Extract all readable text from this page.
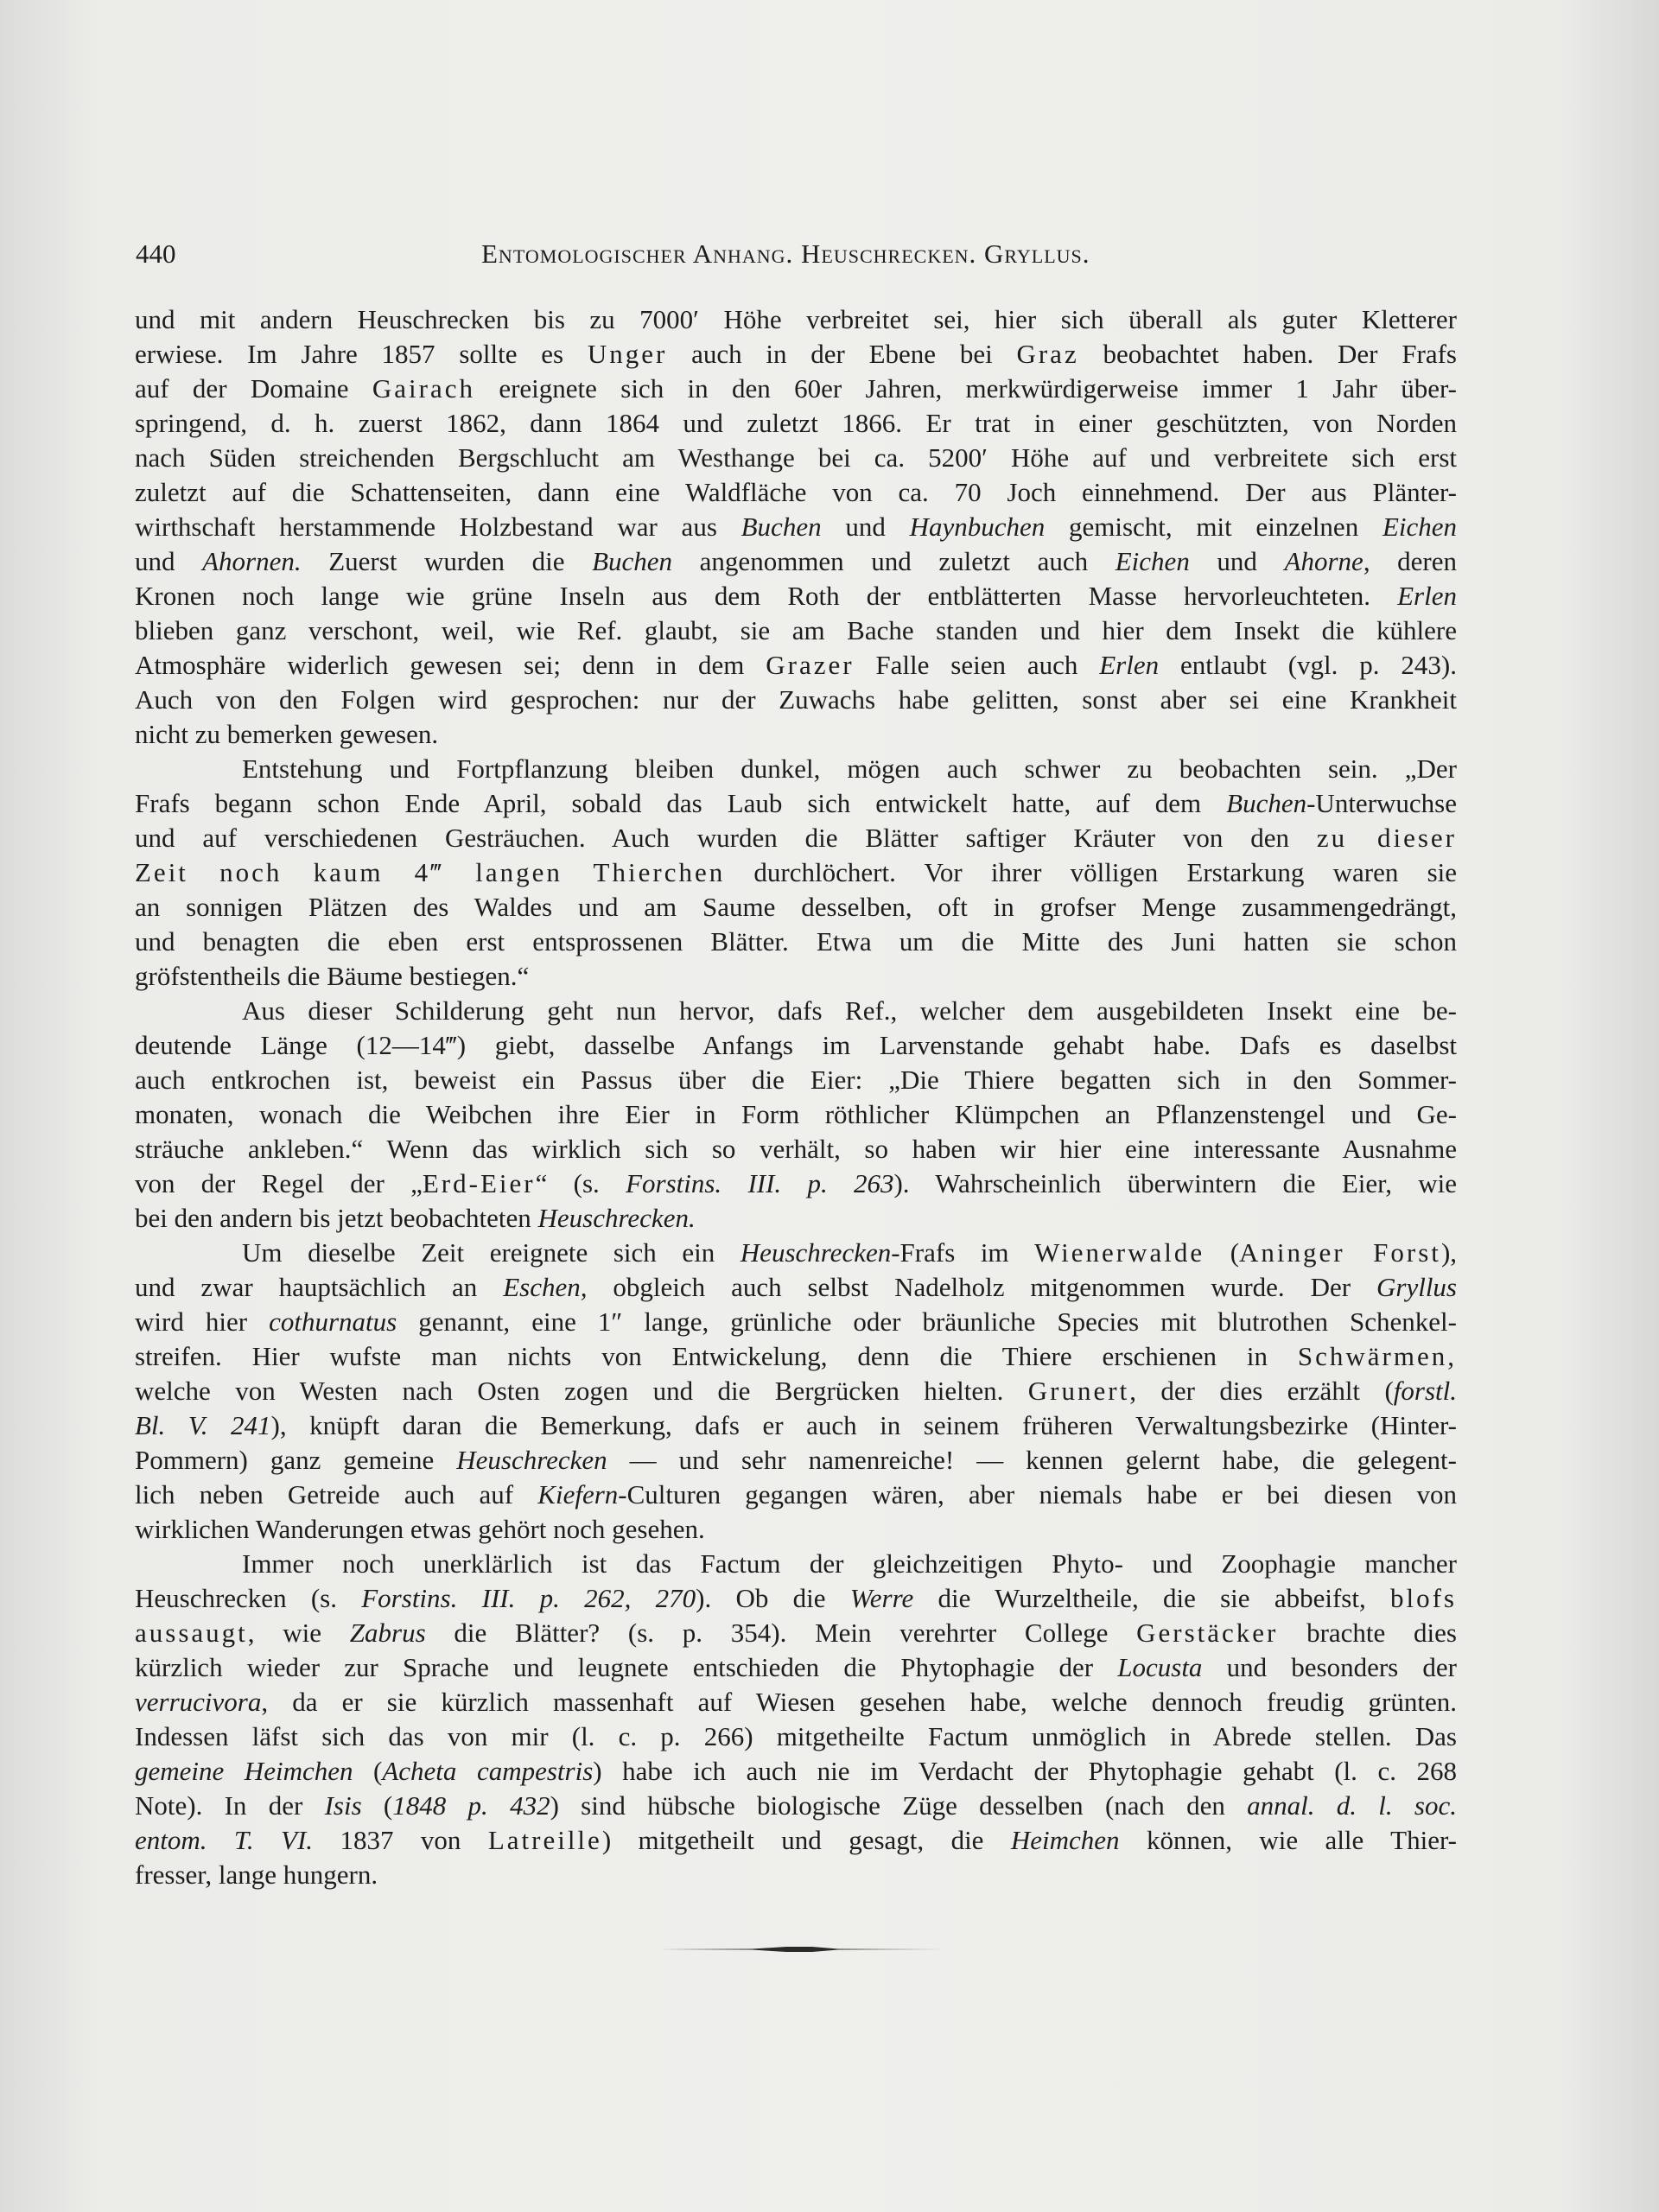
440	Entomologischer Anhang. Heuschrecken. Gryllus.
und mit andern Heuschrecken bis zu 7000′ Höhe verbreitet sei, hier sich überall als guter Kletterer
erwiese. Im Jahre 1857 sollte es Unger auch in der Ebene bei Graz beobachtet haben. Der Frafs
auf der Domaine Gairach ereignete sich in den 60er Jahren, merkwürdigerweise immer 1 Jahr über-
springend, d. h. zuerst 1862, dann 1864 und zuletzt 1866. Er trat in einer geschützten, von Norden
nach Süden streichenden Bergschlucht am Westhange bei ca. 5200′ Höhe auf und verbreitete sich erst
zuletzt auf die Schattenseiten, dann eine Waldfläche von ca. 70 Joch einnehmend. Der aus Plänter-
wirthschaft herstammende Holzbestand war aus Buchen und Haynbuchen gemischt, mit einzelnen Eichen
und Ahornen. Zuerst wurden die Buchen angenommen und zuletzt auch Eichen und Ahorne, deren
Kronen noch lange wie grüne Inseln aus dem Roth der entblätterten Masse hervorleuchteten. Erlen
blieben ganz verschont, weil, wie Ref. glaubt, sie am Bache standen und hier dem Insekt die kühlere
Atmosphäre widerlich gewesen sei; denn in dem Grazer Falle seien auch Erlen entlaubt (vgl. p. 243).
Auch von den Folgen wird gesprochen: nur der Zuwachs habe gelitten, sonst aber sei eine Krankheit
nicht zu bemerken gewesen.
Entstehung und Fortpflanzung bleiben dunkel, mögen auch schwer zu beobachten sein. „Der
Frafs begann schon Ende April, sobald das Laub sich entwickelt hatte, auf dem Buchen-Unterwuchse
und auf verschiedenen Gesträuchen. Auch wurden die Blätter saftiger Kräuter von den zu dieser
Zeit noch kaum 4‴ langen Thierchen durchlöchert. Vor ihrer völligen Erstarkung waren sie
an sonnigen Plätzen des Waldes und am Saume desselben, oft in grofser Menge zusammengedrängt,
und benagten die eben erst entsprossenen Blätter. Etwa um die Mitte des Juni hatten sie schon
gröfstentheils die Bäume bestiegen.“
Aus dieser Schilderung geht nun hervor, dafs Ref., welcher dem ausgebildeten Insekt eine be-
deutende Länge (12—14‴) giebt, dasselbe Anfangs im Larvenstande gehabt habe. Dafs es daselbst
auch entkrochen ist, beweist ein Passus über die Eier: „Die Thiere begatten sich in den Sommer-
monaten, wonach die Weibchen ihre Eier in Form röthlicher Klümpchen an Pflanzenstengel und Ge-
sträuche ankleben.“ Wenn das wirklich sich so verhält, so haben wir hier eine interessante Ausnahme
von der Regel der „Erd-Eier“ (s. Forstins. III. p. 263). Wahrscheinlich überwintern die Eier, wie
bei den andern bis jetzt beobachteten Heuschrecken.
Um dieselbe Zeit ereignete sich ein Heuschrecken-Frafs im Wienerwalde (Aninger Forst),
und zwar hauptsächlich an Eschen, obgleich auch selbst Nadelholz mitgenommen wurde. Der Gryllus
wird hier cothurnatus genannt, eine 1″ lange, grünliche oder bräunliche Species mit blutrothen Schenkel-
streifen. Hier wufste man nichts von Entwickelung, denn die Thiere erschienen in Schwärmen,
welche von Westen nach Osten zogen und die Bergrücken hielten. Grunert, der dies erzählt (forstl.
Bl. V. 241), knüpft daran die Bemerkung, dafs er auch in seinem früheren Verwaltungsbezirke (Hinter-
Pommern) ganz gemeine Heuschrecken — und sehr namenreiche! — kennen gelernt habe, die gelegent-
lich neben Getreide auch auf Kiefern-Culturen gegangen wären, aber niemals habe er bei diesen von
wirklichen Wanderungen etwas gehört noch gesehen.
Immer noch unerklärlich ist das Factum der gleichzeitigen Phyto- und Zoophagie mancher
Heuschrecken (s. Forstins. III. p. 262, 270). Ob die Werre die Wurzeltheile, die sie abbeifst, blofs
aussaugt, wie Zabrus die Blätter? (s. p. 354). Mein verehrter College Gerstäcker brachte dies
kürzlich wieder zur Sprache und leugnete entschieden die Phytophagie der Locusta und besonders der
verrucivora, da er sie kürzlich massenhaft auf Wiesen gesehen habe, welche dennoch freudig grünten.
Indessen läfst sich das von mir (l. c. p. 266) mitgetheilte Factum unmöglich in Abrede stellen. Das
gemeine Heimchen (Acheta campestris) habe ich auch nie im Verdacht der Phytophagie gehabt (l. c. 268
Note). In der Isis (1848 p. 432) sind hübsche biologische Züge desselben (nach den annal. d. l. soc.
entom. T. VI. 1837 von Latreille) mitgetheilt und gesagt, die Heimchen können, wie alle Thier-
fresser, lange hungern.
